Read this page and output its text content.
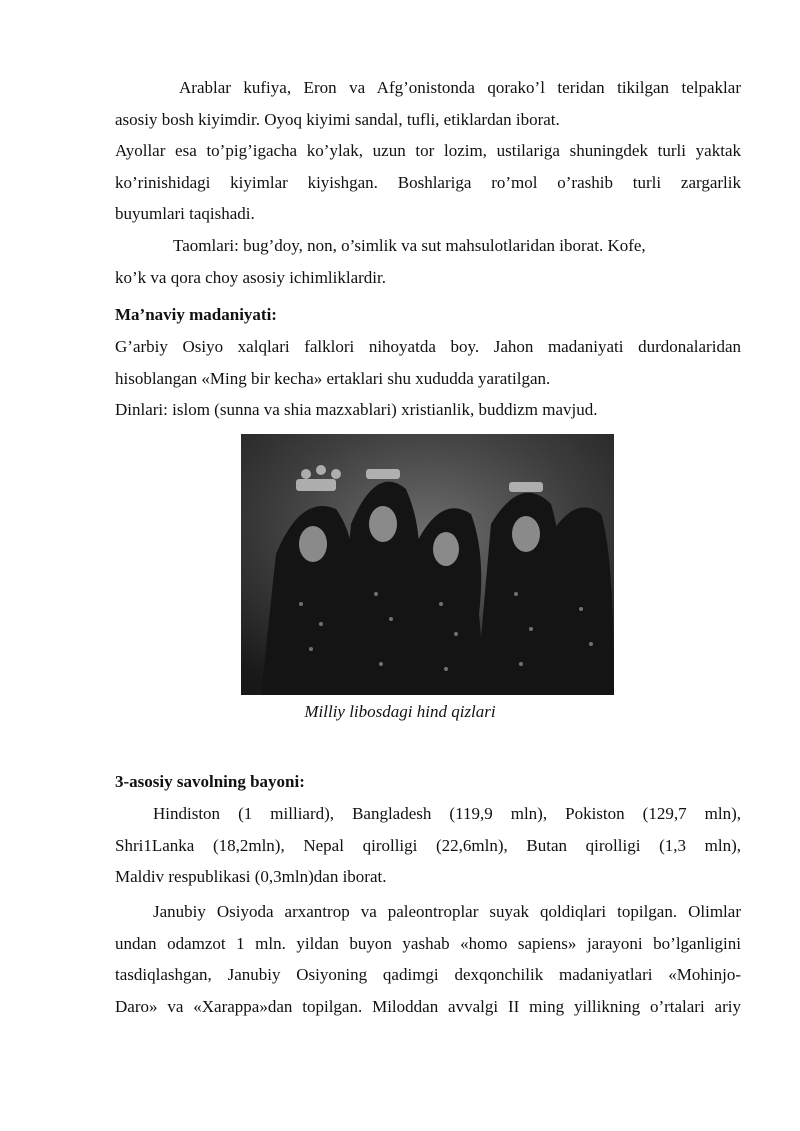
Arablar kufiya, Eron va Afg’onistonda qorako’l teridan tikilgan telpaklar
asosiy bosh kiyimdir. Oyoq kiyimi sandal, tufli, etiklardan iborat.
Ayollar esa to’pig’igacha ko’ylak, uzun tor lozim, ustilariga shuningdek turli yaktak
ko’rinishidagi kiyimlar kiyishgan. Boshlariga ro’mol o’rashib turli zargarlik
buyumlari taqishadi.
Taomlari: bug’doy, non, o’simlik va sut mahsulotlaridan iborat. Kofe,
ko’k va qora choy asosiy ichimliklardir.
Ma’naviy madaniyati:
G’arbiy Osiyo xalqlari falklori nihoyatda boy. Jahon madaniyati durdonalaridan
hisoblangan «Ming bir kecha» ertaklari shu xududda yaratilgan.
Dinlari: islom (sunna va shia mazxablari) xristianlik, buddizm mavjud.
Milliy libosdagi hind qizlari
3-asosiy savolning bayoni:
Hindiston (1 milliard), Bangladesh (119,9 mln), Pokiston (129,7 mln),
Shri1Lanka (18,2mln), Nepal qirolligi (22,6mln), Butan qirolligi (1,3 mln),
Maldiv respublikasi (0,3mln)dan iborat.
Janubiy Osiyoda arxantrop va paleontroplar suyak qoldiqlari topilgan. Olimlar
undan odamzot 1 mln. yildan buyon yashab «homo sapiens» jarayoni bo’lganligini
tasdiqlashgan, Janubiy Osiyoning qadimgi dexqonchilik madaniyatlari «Mohinjo-
Daro» va «Xarappa»dan topilgan. Miloddan avvalgi II ming yillikning o’rtalari ariy
